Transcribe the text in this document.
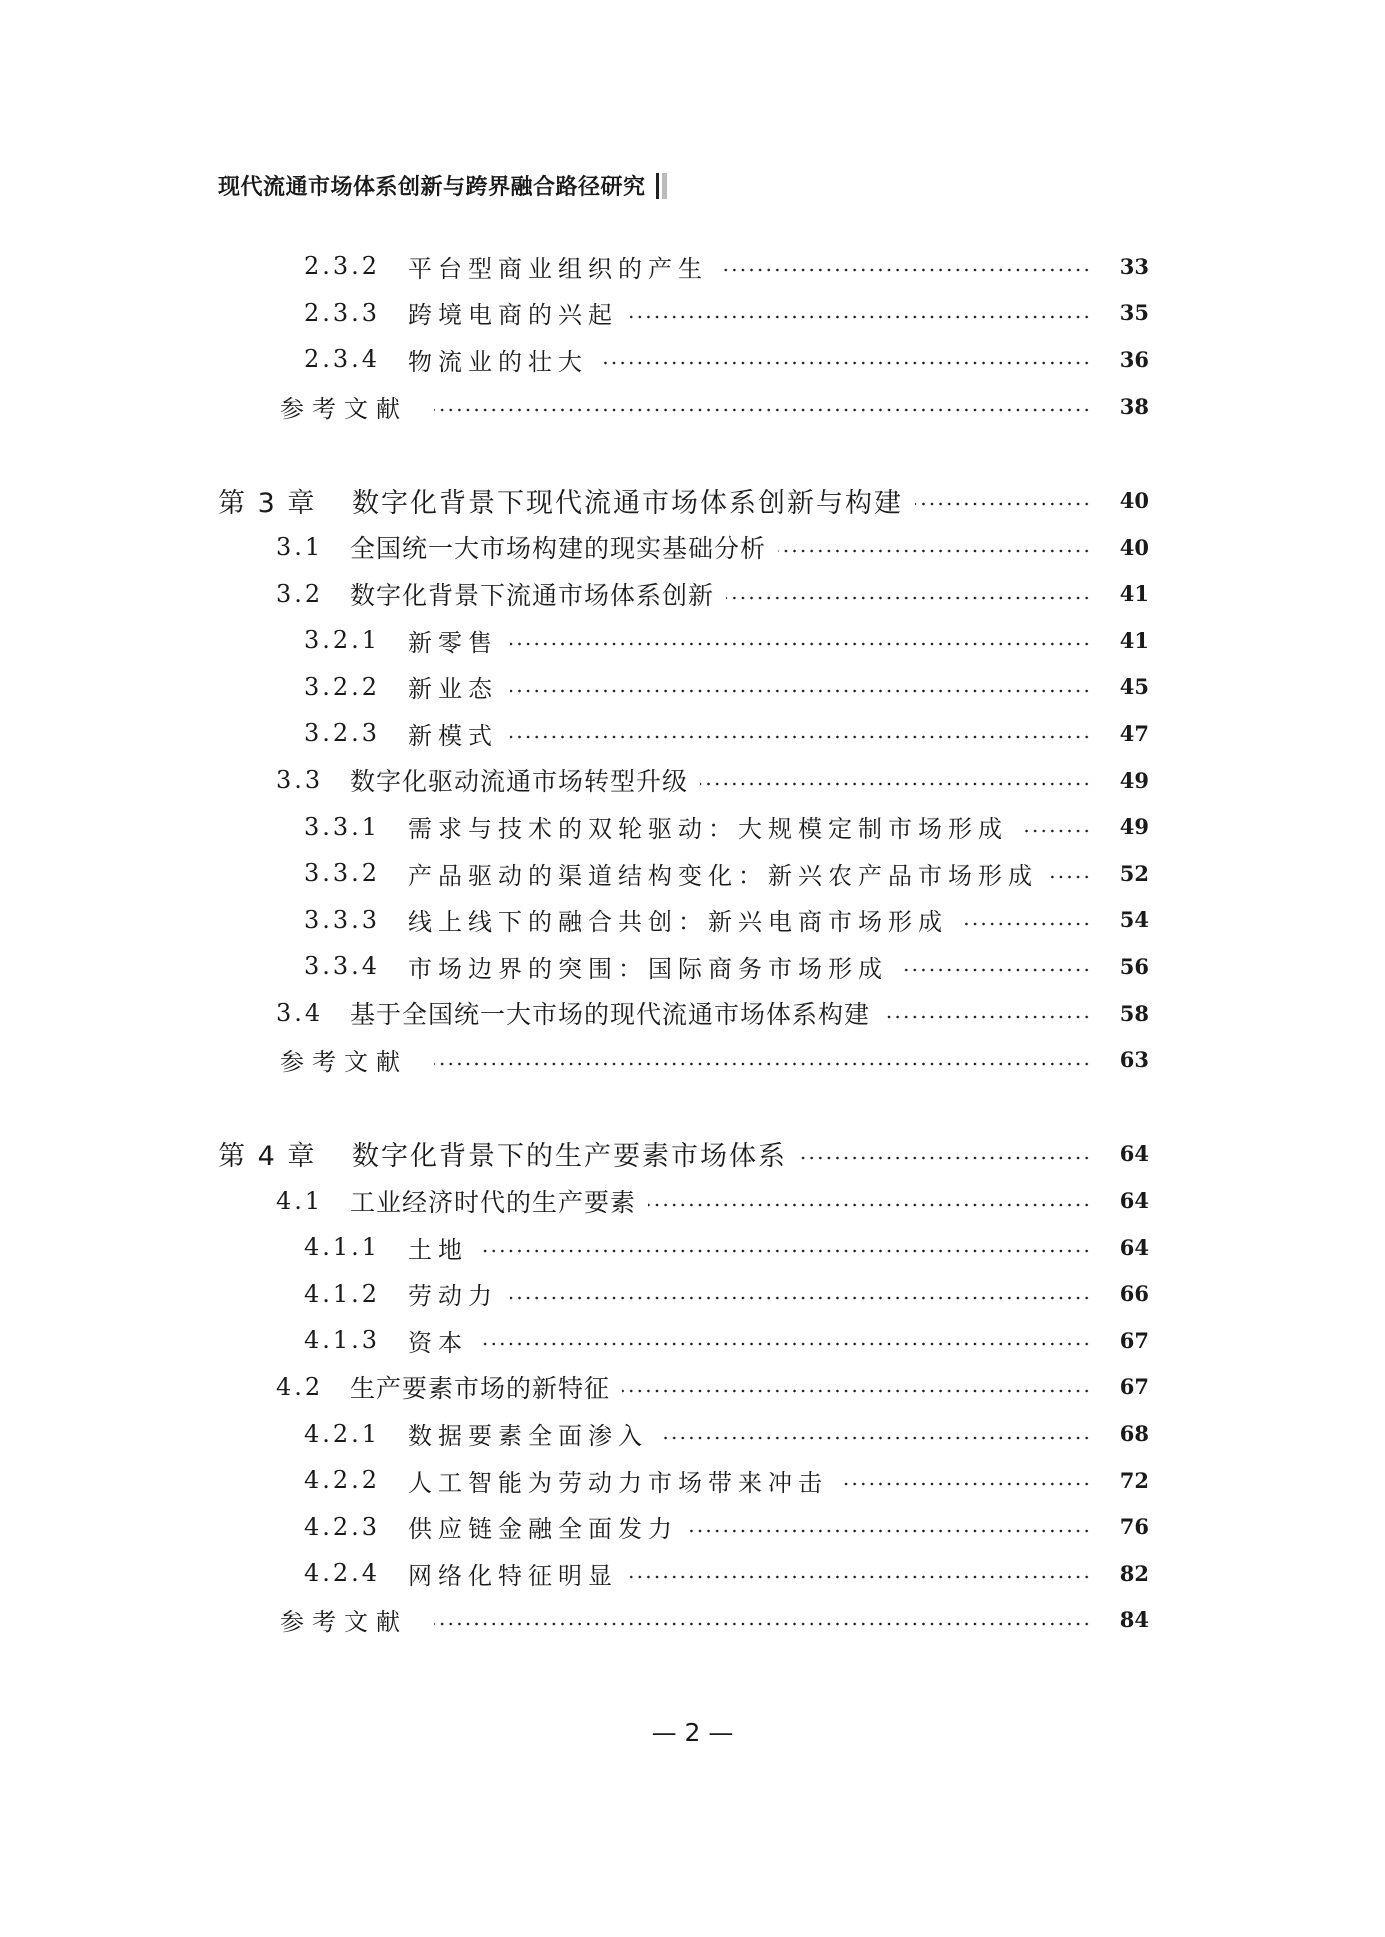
现代流通市场体系创新与跨界融合路径研究
2.3.2	平台型商业组织的产生	33
2.3.3	跨境电商的兴起	35
2.3.4	物流业的壮大	36
参考文献	38
第 3 章	数字化背景下现代流通市场体系创新与构建	40
3.1	全国统一大市场构建的现实基础分析	40
3.2	数字化背景下流通市场体系创新	41
3.2.1	新零售	41
3.2.2	新业态	45
3.2.3	新模式	47
3.3	数字化驱动流通市场转型升级	49
3.3.1	需求与技术的双轮驱动：大规模定制市场形成	49
3.3.2	产品驱动的渠道结构变化：新兴农产品市场形成	52
3.3.3	线上线下的融合共创：新兴电商市场形成	54
3.3.4	市场边界的突围：国际商务市场形成	56
3.4	基于全国统一大市场的现代流通市场体系构建	58
参考文献	63
第 4 章	数字化背景下的生产要素市场体系	64
4.1	工业经济时代的生产要素	64
4.1.1	土地	64
4.1.2	劳动力	66
4.1.3	资本	67
4.2	生产要素市场的新特征	67
4.2.1	数据要素全面渗入	68
4.2.2	人工智能为劳动力市场带来冲击	72
4.2.3	供应链金融全面发力	76
4.2.4	网络化特征明显	82
参考文献	84
— 2 —
